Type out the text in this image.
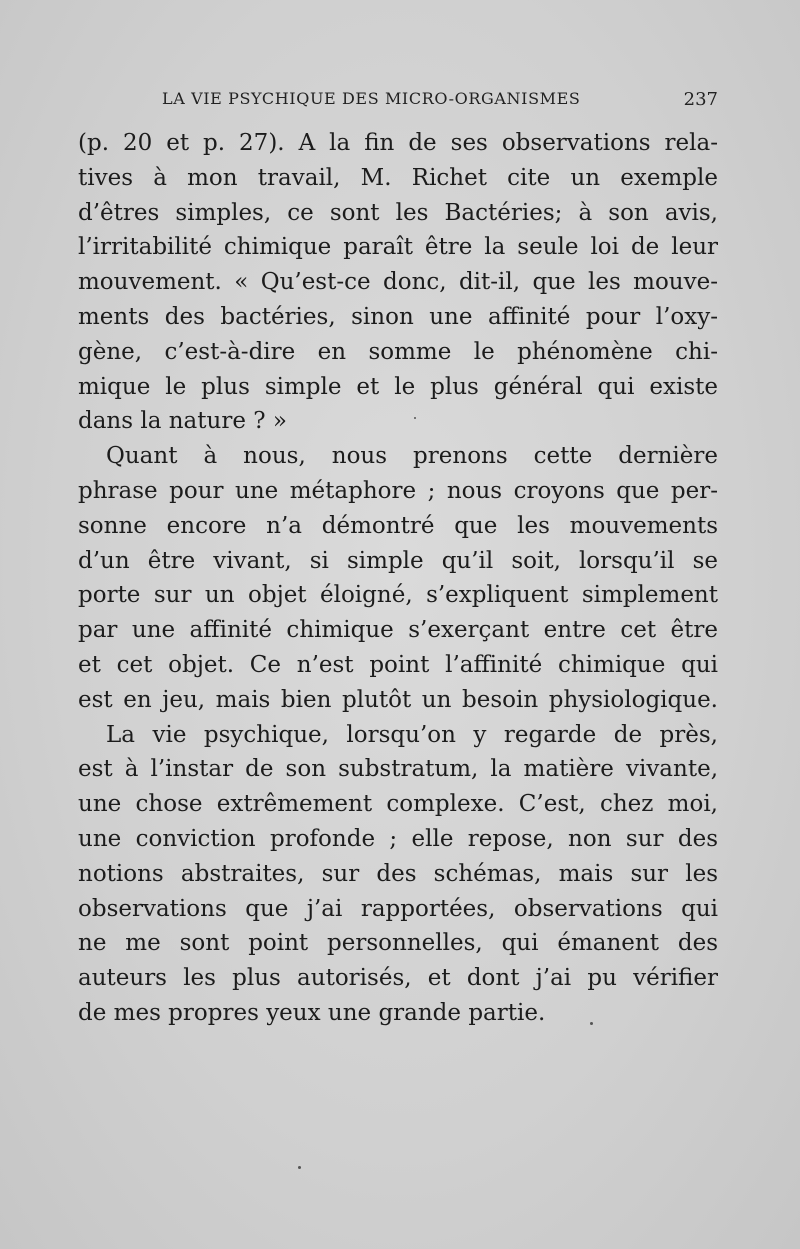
LA VIE PSYCHIQUE DES MICRO-ORGANISMES	237
(p. 20 et p. 27). A la fin de ses observations rela-
tives à mon travail, M. Richet cite un exemple
d’êtres simples, ce sont les Bactéries; à son avis,
l’irritabilité chimique paraît être la seule loi de leur
mouvement. « Qu’est-ce donc, dit-il, que les mouve-
ments des bactéries, sinon une affinité pour l’oxy-
gène, c’est-à-dire en somme le phénomène chi-
mique le plus simple et le plus général qui existe
dans la nature ? »
Quant à nous, nous prenons cette dernière
phrase pour une métaphore ; nous croyons que per-
sonne encore n’a démontré que les mouvements
d’un être vivant, si simple qu’il soit, lorsqu’il se
porte sur un objet éloigné, s’expliquent simplement
par une affinité chimique s’exerçant entre cet être
et cet objet. Ce n’est point l’affinité chimique qui
est en jeu, mais bien plutôt un besoin physiologique.
La vie psychique, lorsqu’on y regarde de près,
est à l’instar de son substratum, la matière vivante,
une chose extrêmement complexe. C’est, chez moi,
une conviction profonde ; elle repose, non sur des
notions abstraites, sur des schémas, mais sur les
observations que j’ai rapportées, observations qui
ne me sont point personnelles, qui émanent des
auteurs les plus autorisés, et dont j’ai pu vérifier
de mes propres yeux une grande partie.
